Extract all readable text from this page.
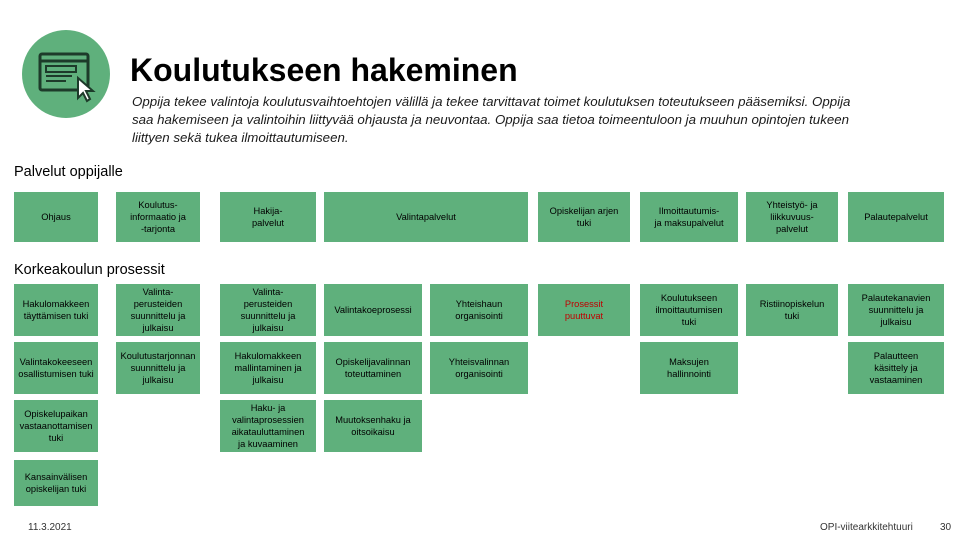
Koulutukseen hakeminen
Oppija tekee valintoja koulutusvaihtoehtojen välillä ja tekee tarvittavat toimet koulutuksen toteutukseen pääsemiksi. Oppija saa hakemiseen ja valintoihin liittyvää ohjausta ja neuvontaa. Oppija saa tietoa toimeentuloon ja muuhun opintojen tukeen liittyen sekä tukea ilmoittautumiseen.
Palvelut oppijalle
Ohjaus
Koulutus-
informaatio ja
-tarjonta
Hakija-
palvelut
Valintapalvelut
Opiskelijan arjen
tuki
Ilmoittautumis-
ja maksupalvelut
Yhteistyö- ja
liikkuvuus-
palvelut
Palautepalvelut
Korkeakoulun prosessit
Hakulomakkeen
täyttämisen tuki
Valintakokeeseen
osallistumisen tuki
Opiskelupaikan
vastaanottamisen
tuki
Kansainvälisen
opiskelijan tuki
Valinta-
perusteiden
suunnittelu ja
julkaisu
Koulutustarjonnan
suunnittelu ja
julkaisu
Valinta-
perusteiden
suunnittelu ja
julkaisu
Hakulomakkeen
mallintaminen ja
julkaisu
Haku- ja
valintaprosessien
aikatauluttaminen
ja kuvaaminen
Valintakoeprosessi
Opiskelijavalinnan
toteuttaminen
Muutoksenhaku ja
oitsoikaisu
Yhteishaun
organisointi
Yhteisvalinnan
organisointi
Prosessit
puuttuvat
Koulutukseen
ilmoittautumisen
tuki
Maksujen
hallinnointi
Ristiinopiskelun
tuki
Palautekanavien
suunnittelu ja
julkaisu
Palautteen
käsittely ja
vastaaminen
11.3.2021	OPI-viitearkkitehtuuri	30
